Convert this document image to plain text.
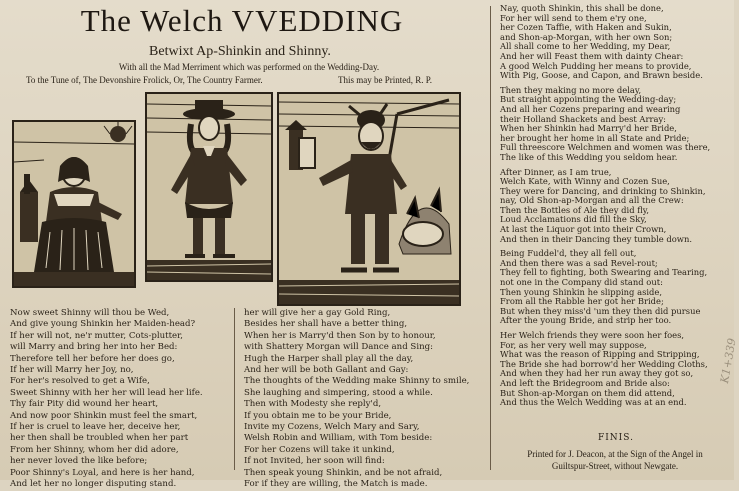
The Welch VVEDDING
Betwixt Ap-Shinkin and Shinny.
With all the Mad Merriment which was performed on the Wedding-Day.
To the Tune of, The Devonshire Frolick, Or, The Country Farmer.	This may be Printed, R. P.
Now sweet Shinny will thou be Wed,
And give young Shinkin her Maiden-head?
If her will not, ne'r mutter, Cots-plutter,
will Marry and bring her into her Bed:
Therefore tell her before her does go,
If her will Marry her Joy, no,
For her's resolved to get a Wife,
Sweet Shinny with her her will lead her life.
Thy fair Pity did wound her heart,
And now poor Shinkin must feel the smart,
If her is cruel to leave her, deceive her,
her then shall be troubled when her part
From her Shinny, whom her did adore,
her never loved the like before;
Poor Shinny's Loyal, and here is her hand,
And let her no longer disputing stand.
her will give her a gay Gold Ring,
Besides her shall have a better thing,
When her is Marry'd then Son by to honour,
with Shattery Morgan will Dance and Sing:
Hugh the Harper shall play all the day,
And her will be both Gallant and Gay:
The thoughts of the Wedding make Shinny to smile,
She laughing and simpering, stood a while.
Then with Modesty she reply'd,
If you obtain me to be your Bride,
Invite my Cozens, Welch Mary and Sary,
Welsh Robin and William, with Tom beside:
For her Cozens will take it unkind,
If not Invited, her soon will find:
Then speak young Shinkin, and be not afraid,
For if they are willing, the Match is made.
Nay, quoth Shinkin, this shall be done,
For her will send to them e'ry one,
her Cozen Taffie, with Haken and Sukin,
and Shon-ap-Morgan, with her own Son;
All shall come to her Wedding, my Dear,
And her will Feast them with dainty Chear:
A good Welch Pudding her means to provide,
With Pig, Goose, and Capon, and Brawn beside.

Then they making no more delay,
But straight appointing the Wedding-day;
And all her Cozens preparing and wearing
their Holland Shackets and best Array:
When her Shinkin had Marry'd her Bride,
her brought her home in all State and Pride;
Full threescore Welchmen and women was there,
The like of this Wedding you seldom hear.

After Dinner, as I am true,
Welch Kate, with Winny and Cozen Sue,
They were for Dancing, and drinking to Shinkin,
nay, Old Shon-ap-Morgan and all the Crew:
Then the Bottles of Ale they did fly,
Loud Acclamations did fill the Sky,
At last the Liquor got into their Crown,
And then in their Dancing they tumble down.

Being Fuddel'd, they all fell out,
And then there was a sad Revel-rout;
They fell to fighting, both Swearing and Tearing,
not one in the Company did stand out:
Then young Shinkin he slipping aside,
From all the Rabble her got her Bride;
But when they miss'd 'um they then did pursue
After the young Bride, and strip her too.

Her Welch friends they were soon her foes,
For, as her very well may suppose,
What was the reason of Ripping and Stripping,
The Bride she had borrow'd her Wedding Cloths,
And when they had her run away they got so,
And left the Bridegroom and Bride also:
But Shon-ap-Morgan on them did attend,
And thus the Welch Wedding was at an end.
FINIS.
Printed for J. Deacon, at the Sign of the Angel in
Guiltspur-Street, without Newgate.
K1+339
